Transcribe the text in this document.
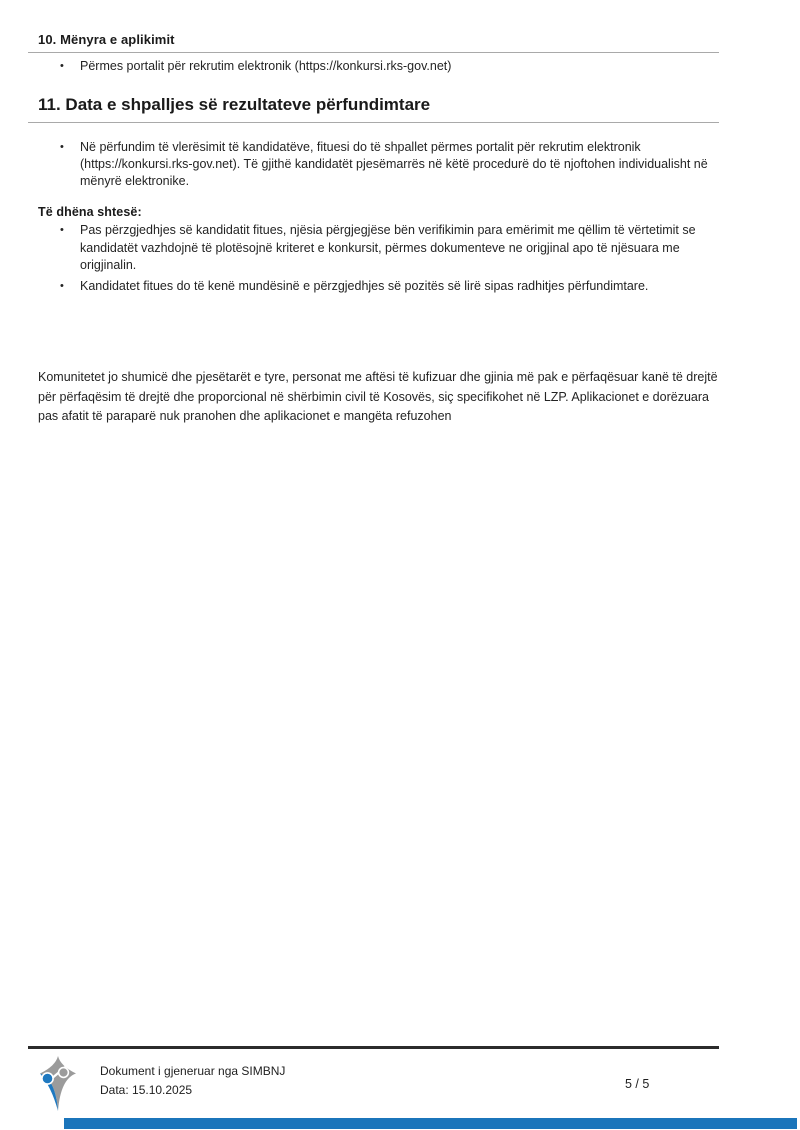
10. Mënyra e aplikimit
•	Përmes portalit për rekrutim elektronik (https://konkursi.rks-gov.net)
11. Data e shpalljes së rezultateve përfundimtare
•	Në përfundim të vlerësimit të kandidatëve, fituesi do të shpallet përmes portalit për rekrutim elektronik (https://konkursi.rks-gov.net). Të gjithë kandidatët pjesëmarrës në këtë procedurë do të njoftohen individualisht në mënyrë elektronike.
Të dhëna shtesë:
•	Pas përzgjedhjes së kandidatit fitues, njësia përgjegjëse bën verifikimin para emërimit me qëllim të vërtetimit se kandidatët vazhdojnë të plotësojnë kriteret e konkursit, përmes dokumenteve ne origjinal apo të njësuara me origjinalin.
•	Kandidatet fitues do të kenë mundësinë e përzgjedhjes së pozitës së lirë sipas radhitjes përfundimtare.
Komunitetet jo shumicë dhe pjesëtarët e tyre, personat me aftësi të kufizuar dhe gjinia më pak e përfaqësuar kanë të drejtë për përfaqësim të drejtë dhe proporcional në shërbimin civil të Kosovës, siç specifikohet në LZP. Aplikacionet e dorëzuara pas afatit të paraparë nuk pranohen dhe aplikacionet e mangëta refuzohen
Dokument i gjeneruar nga SIMBNJ
Data: 15.10.2025	5 / 5
